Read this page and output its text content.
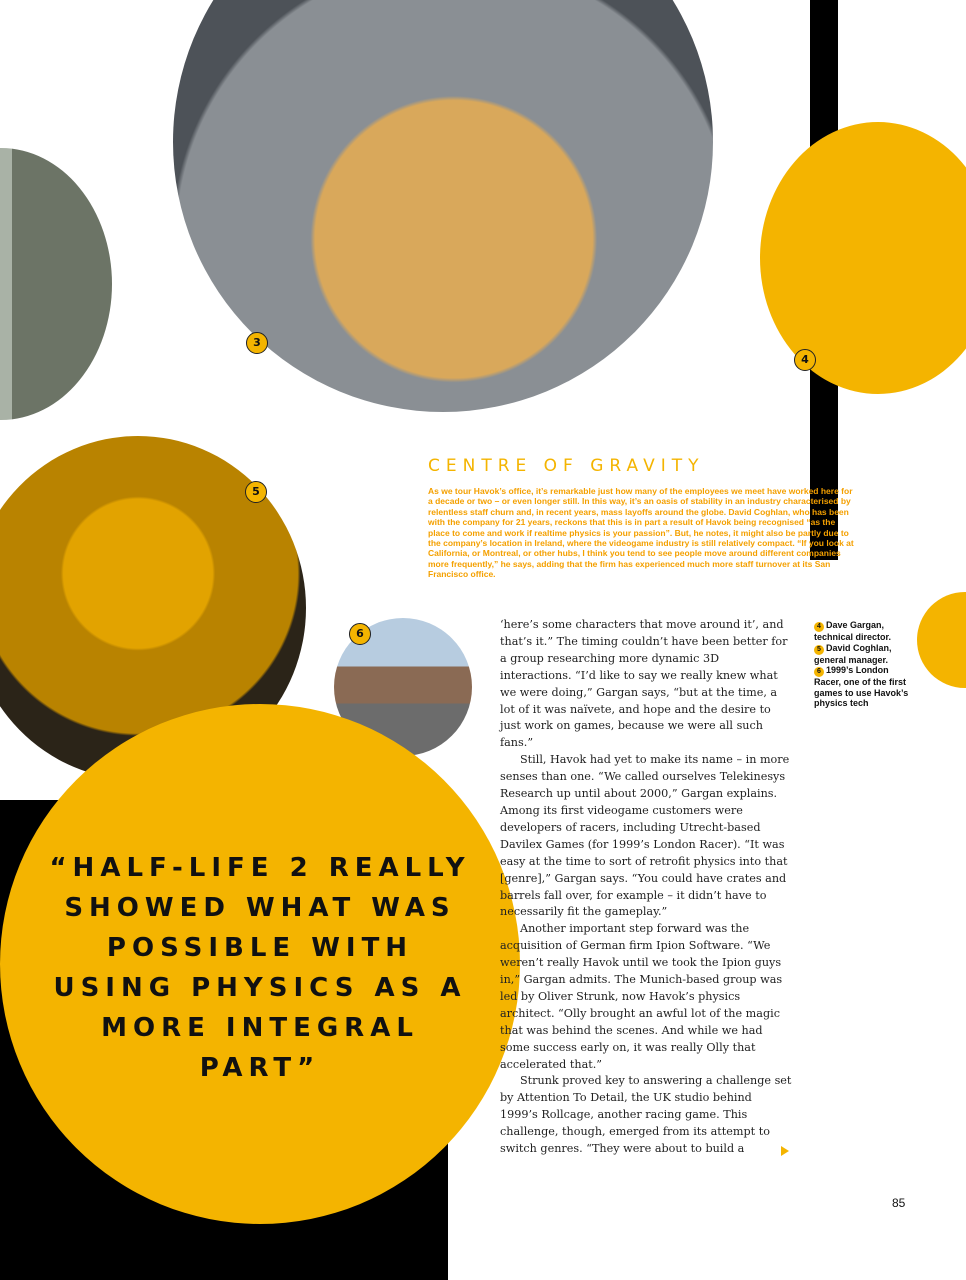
3
4
5
6
CENTRE OF GRAVITY
As we tour Havok’s office, it’s remarkable just how many of the employees we meet have worked here for a decade or two – or even longer still. In this way, it’s an oasis of stability in an industry characterised by relentless staff churn and, in recent years, mass layoffs around the globe. David Coghlan, who has been with the company for 21 years, reckons that this is in part a result of Havok being recognised “as the place to come and work if realtime physics is your passion”. But, he notes, it might also be partly due to the company’s location in Ireland, where the videogame industry is still relatively compact. “If you look at California, or Montreal, or other hubs, I think you tend to see people move around different companies more frequently,” he says, adding that the firm has experienced much more staff turnover at its San Francisco office.
“HALF-LIFE 2 REALLY SHOWED WHAT WAS POSSIBLE WITH USING PHYSICS AS A MORE INTEGRAL PART”

‘here’s some characters that move around it’, and that’s it.” The timing couldn’t have been better for a group researching more dynamic 3D interactions. “I’d like to say we really knew what we were doing,” Gargan says, “but at the time, a lot of it was naïvete, and hope and the desire to just work on games, because we were all such fans.”

Still, Havok had yet to make its name – in more senses than one. “We called ourselves Telekinesys Research up until about 2000,” Gargan explains. Among its first videogame customers were developers of racers, including Utrecht-based Davilex Games (for 1999’s London Racer). “It was easy at the time to sort of retrofit physics into that [genre],” Gargan says. “You could have crates and barrels fall over, for example – it didn’t have to necessarily fit the gameplay.”

Another important step forward was the acquisition of German firm Ipion Software. “We weren’t really Havok until we took the Ipion guys in,” Gargan admits. The Munich-based group was led by Oliver Strunk, now Havok’s physics architect. “Olly brought an awful lot of the magic that was behind the scenes. And while we had some success early on, it was really Olly that accelerated that.”

Strunk proved key to answering a challenge set by Attention To Detail, the UK studio behind 1999’s Rollcage, another racing game. This challenge, though, emerged from its attempt to switch genres. “They were about to build a

4 Dave Gargan, technical director.
5 David Coghlan, general manager.
6 1999’s London Racer, one of the first games to use Havok’s physics tech
85
